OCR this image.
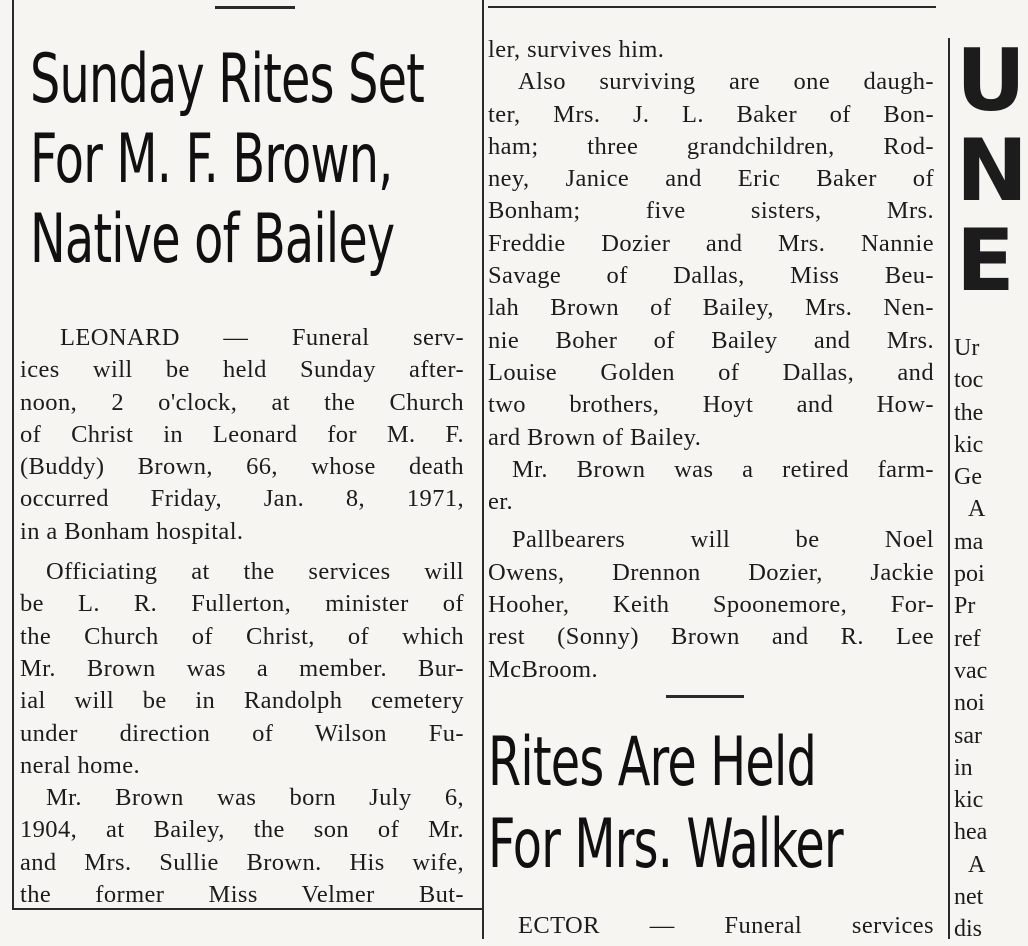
Sunday Rites Set
For M. F. Brown,
Native of Bailey
LEONARD — Funeral serv-
ices will be held Sunday after-
noon, 2 o'clock, at the Church
of Christ in Leonard for M. F.
(Buddy) Brown, 66, whose death
occurred Friday, Jan. 8, 1971,
in a Bonham hospital.
Officiating at the services will
be L. R. Fullerton, minister of
the Church of Christ, of which
Mr. Brown was a member. Bur-
ial will be in Randolph cemetery
under direction of Wilson Fu-
neral home.
Mr. Brown was born July 6,
1904, at Bailey, the son of Mr.
and Mrs. Sullie Brown. His wife,
the former Miss Velmer But-
ler, survives him.
Also surviving are one daugh-
ter, Mrs. J. L. Baker of Bon-
ham; three grandchildren, Rod-
ney, Janice and Eric Baker of
Bonham; five sisters, Mrs.
Freddie Dozier and Mrs. Nannie
Savage of Dallas, Miss Beu-
lah Brown of Bailey, Mrs. Nen-
nie Boher of Bailey and Mrs.
Louise Golden of Dallas, and
two brothers, Hoyt and How-
ard Brown of Bailey.
Mr. Brown was a retired farm-
er.
Pallbearers will be Noel
Owens, Drennon Dozier, Jackie
Hooher, Keith Spoonemore, For-
rest (Sonny) Brown and R. Lee
McBroom.
Rites Are Held
For Mrs. Walker
ECTOR — Funeral services
U
N
E
Ur
toc
the
kic
Ge
A
ma
poi
Pr
ref
vac
noi
sar
in
kic
hea
A
net
dis
